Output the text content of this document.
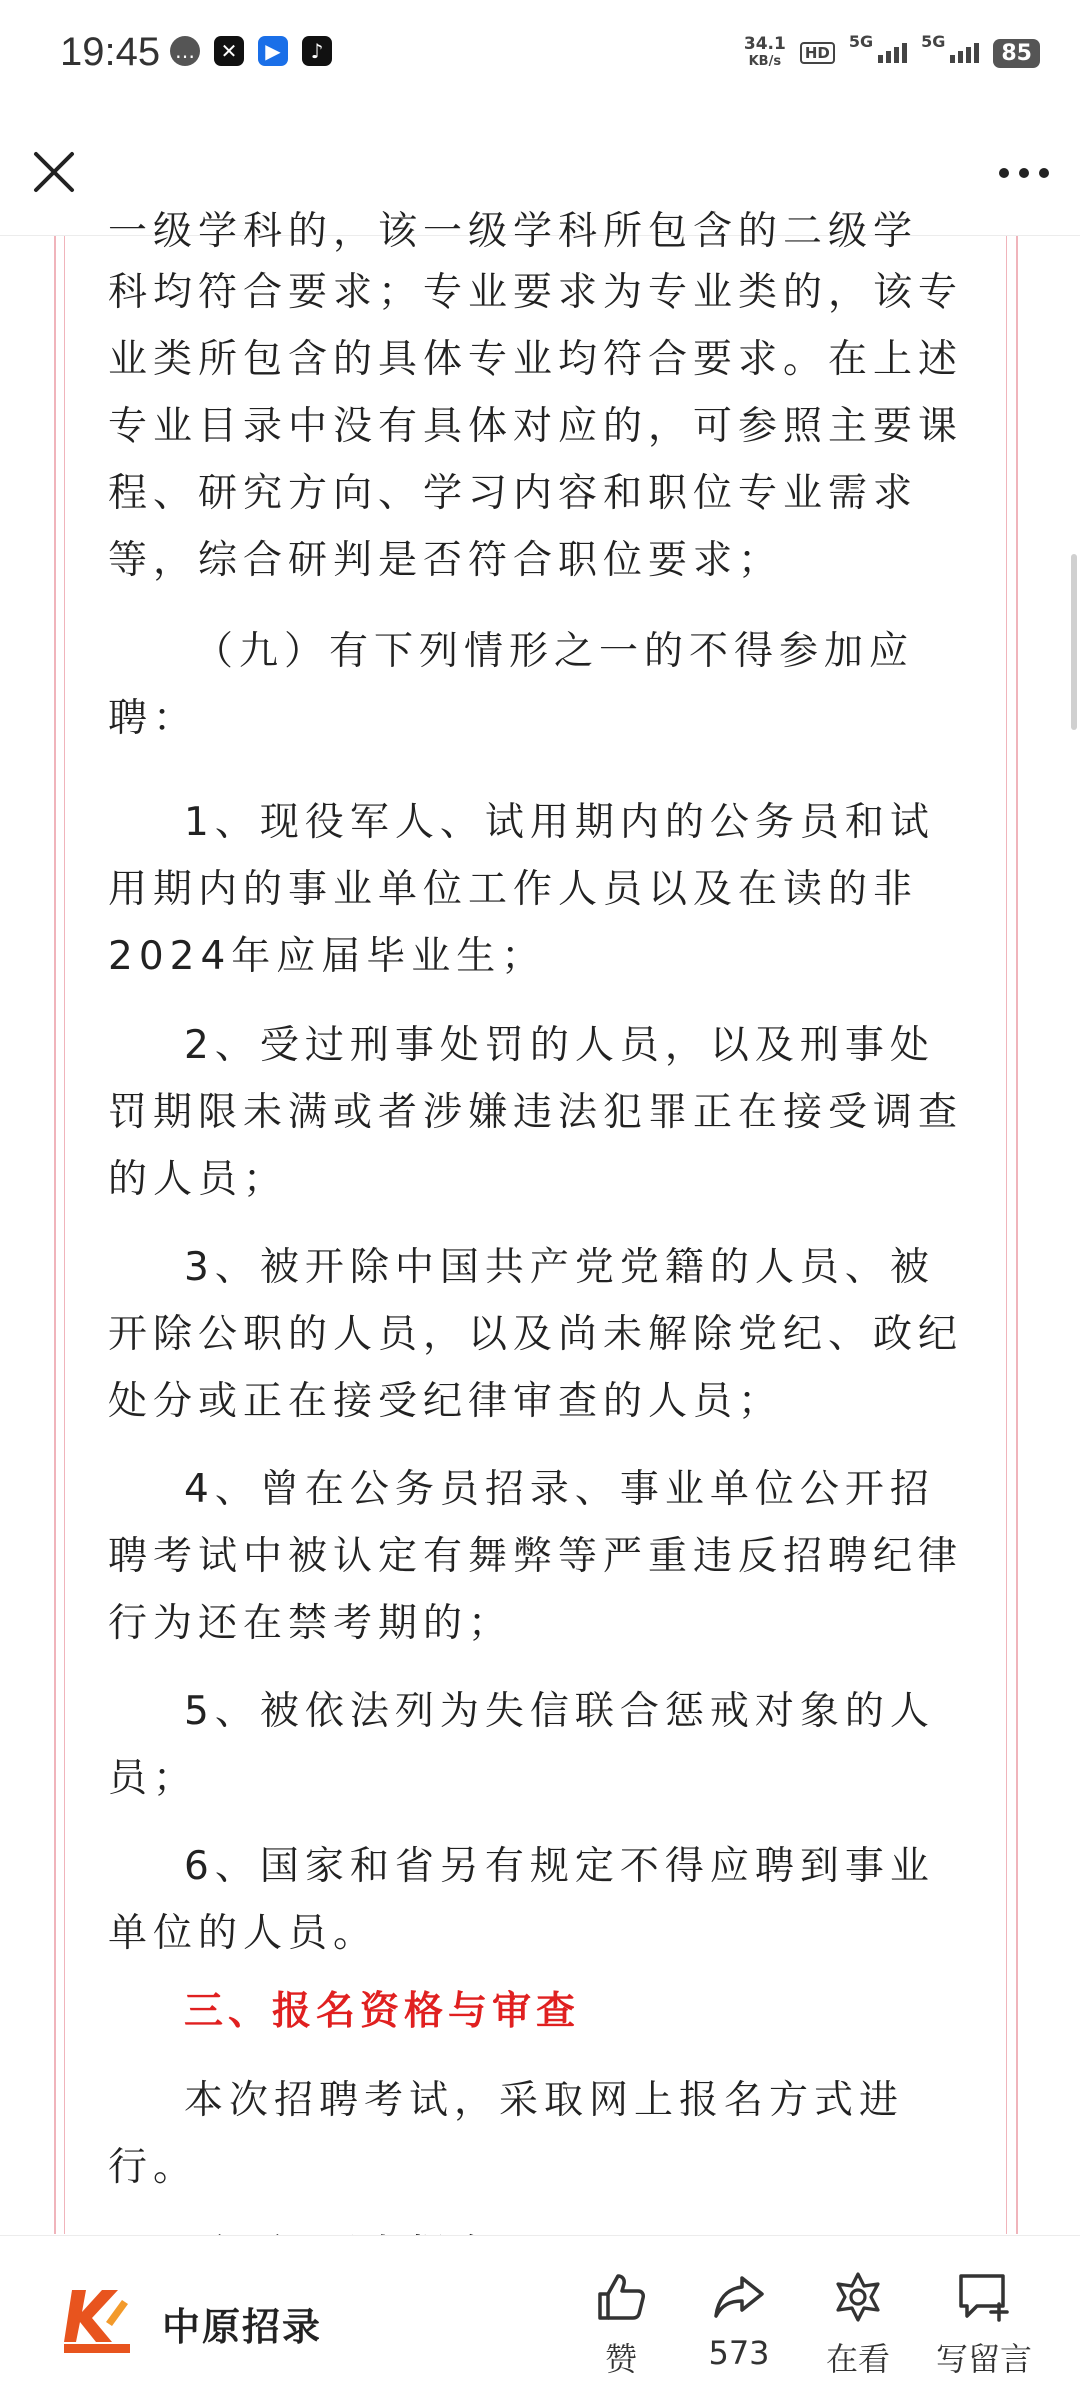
19:45 …	✕	▶	♪	34.1
KB/s	HD
5G	5G	85

一级学科的，该一级学科所包含的二级学

科均符合要求；专业要求为专业类的，该专业类所包含的具体专业均符合要求。在上述专业目录中没有具体对应的，可参照主要课程、研究方向、学习内容和职位专业需求等，综合研判是否符合职位要求；

（九）有下列情形之一的不得参加应聘：

1、现役军人、试用期内的公务员和试用期内的事业单位工作人员以及在读的非2024年应届毕业生；

2、受过刑事处罚的人员，以及刑事处罚期限未满或者涉嫌违法犯罪正在接受调查的人员；

3、被开除中国共产党党籍的人员、被开除公职的人员，以及尚未解除党纪、政纪处分或正在接受纪律审查的人员；

4、曾在公务员招录、事业单位公开招聘考试中被认定有舞弊等严重违反招聘纪律行为还在禁考期的；

5、被依法列为失信联合惩戒对象的人员；

6、国家和省另有规定不得应聘到事业单位的人员。

三、报名资格与审查

本次招聘考试，采取网上报名方式进行。

中原招录
赞	573	在看	写留言
